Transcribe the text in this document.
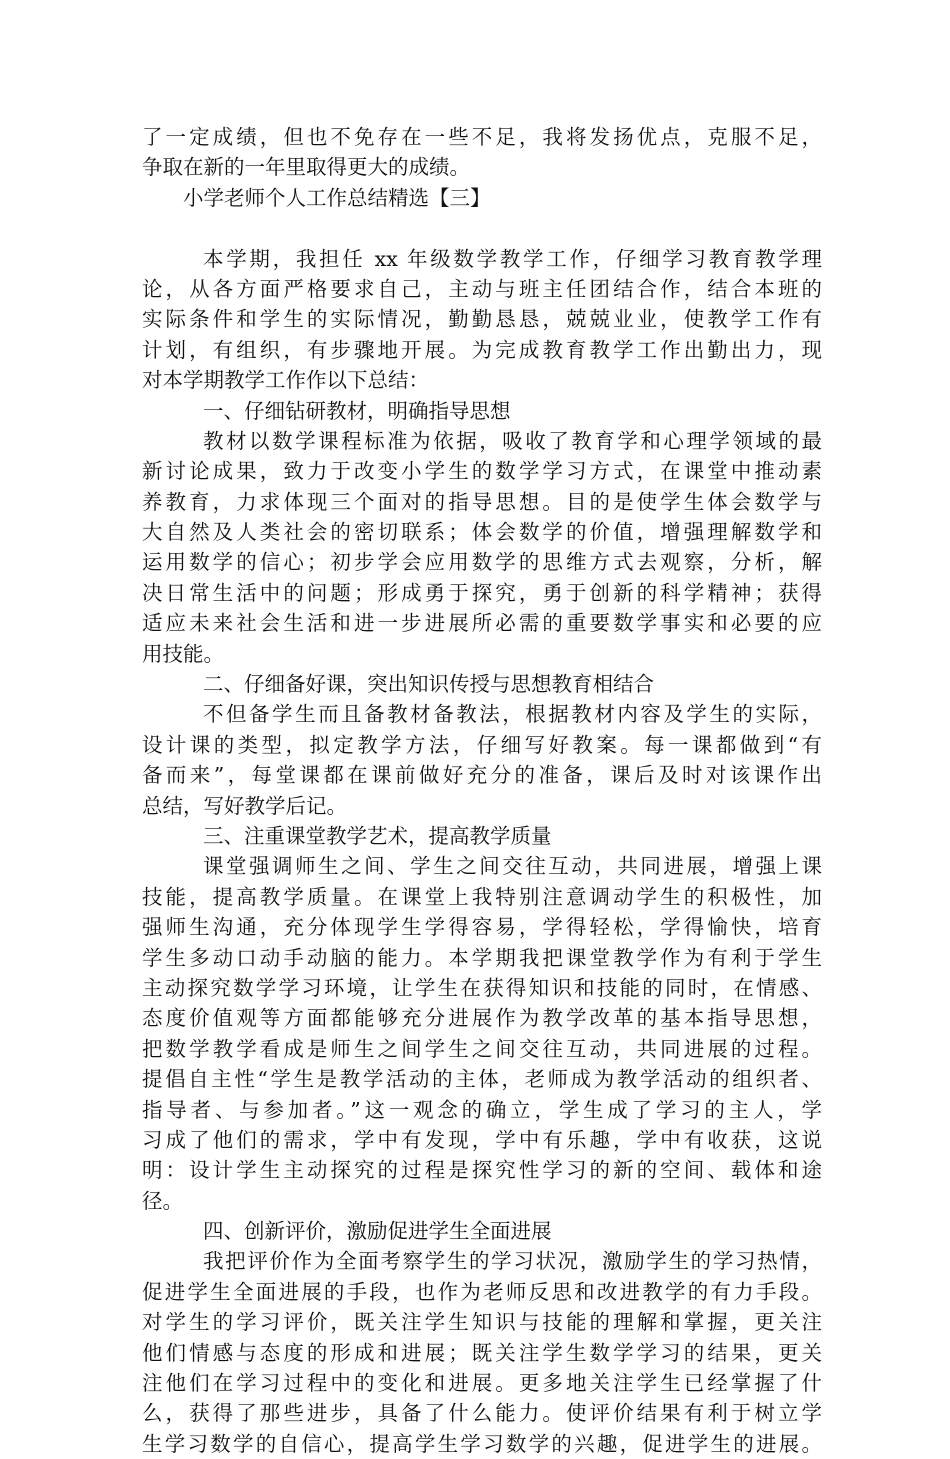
了一定成绩，但也不免存在一些不足，我将发扬优点，克服不足，
争取在新的一年里取得更大的成绩。
小学老师个人工作总结精选【三】
本学期，我担任 xx 年级数学教学工作，仔细学习教育教学理
论，从各方面严格要求自己，主动与班主任团结合作，结合本班的
实际条件和学生的实际情况，勤勤恳恳，兢兢业业，使教学工作有
计划，有组织，有步骤地开展。为完成教育教学工作出勤出力，现
对本学期教学工作作以下总结：
一、仔细钻研教材，明确指导思想
教材以数学课程标准为依据，吸收了教育学和心理学领域的最
新讨论成果，致力于改变小学生的数学学习方式，在课堂中推动素
养教育，力求体现三个面对的指导思想。目的是使学生体会数学与
大自然及人类社会的密切联系；体会数学的价值，增强理解数学和
运用数学的信心；初步学会应用数学的思维方式去观察，分析，解
决日常生活中的问题；形成勇于探究，勇于创新的科学精神；获得
适应未来社会生活和进一步进展所必需的重要数学事实和必要的应
用技能。
二、仔细备好课，突出知识传授与思想教育相结合
不但备学生而且备教材备教法，根据教材内容及学生的实际，
设计课的类型，拟定教学方法，仔细写好教案。每一课都做到“有
备而来”，每堂课都在课前做好充分的准备，课后及时对该课作出
总结，写好教学后记。
三、注重课堂教学艺术，提高教学质量
课堂强调师生之间、学生之间交往互动，共同进展，增强上课
技能，提高教学质量。在课堂上我特别注意调动学生的积极性，加
强师生沟通，充分体现学生学得容易，学得轻松，学得愉快，培育
学生多动口动手动脑的能力。本学期我把课堂教学作为有利于学生
主动探究数学学习环境，让学生在获得知识和技能的同时，在情感、
态度价值观等方面都能够充分进展作为教学改革的基本指导思想，
把数学教学看成是师生之间学生之间交往互动，共同进展的过程。
提倡自主性“学生是教学活动的主体，老师成为教学活动的组织者、
指导者、与参加者。”这一观念的确立，学生成了学习的主人，学
习成了他们的需求，学中有发现，学中有乐趣，学中有收获，这说
明：设计学生主动探究的过程是探究性学习的新的空间、载体和途
径。
四、创新评价，激励促进学生全面进展
我把评价作为全面考察学生的学习状况，激励学生的学习热情，
促进学生全面进展的手段，也作为老师反思和改进教学的有力手段。
对学生的学习评价，既关注学生知识与技能的理解和掌握，更关注
他们情感与态度的形成和进展；既关注学生数学学习的结果，更关
注他们在学习过程中的变化和进展。更多地关注学生已经掌握了什
么，获得了那些进步，具备了什么能力。使评价结果有利于树立学
生学习数学的自信心，提高学生学习数学的兴趣，促进学生的进展。
